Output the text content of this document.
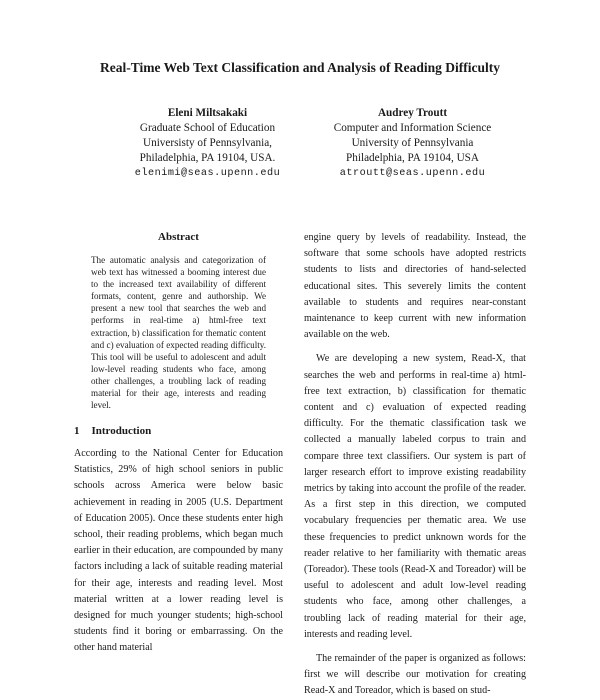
Real-Time Web Text Classification and Analysis of Reading Difficulty
Eleni Miltsakaki
Graduate School of Education
Universisty of Pennsylvania,
Philadelphia, PA 19104, USA.
elenimi@seas.upenn.edu
Audrey Troutt
Computer and Information Science
University of Pennsylvania
Philadelphia, PA 19104, USA
atroutt@seas.upenn.edu
Abstract

The automatic analysis and categorization of web text has witnessed a booming interest due to the increased text availability of different formats, content, genre and authorship. We present a new tool that searches the web and performs in real-time a) html-free text extraction, b) classification for thematic content and c) evaluation of expected reading difficulty. This tool will be useful to adolescent and adult low-level reading students who face, among other challenges, a troubling lack of reading material for their age, interests and reading level.

1 Introduction

According to the National Center for Education Statistics, 29% of high school seniors in public schools across America were below basic achievement in reading in 2005 (U.S. Department of Education 2005). Once these students enter high school, their reading problems, which began much earlier in their education, are compounded by many factors including a lack of suitable reading material for their age, interests and reading level. Most material written at a lower reading level is designed for much younger students; high-school students find it boring or embarrassing. On the other hand material

engine query by levels of readability. Instead, the software that some schools have adopted restricts students to lists and directories of hand-selected educational sites. This severely limits the content available to students and requires near-constant maintenance to keep current with new information available on the web.

We are developing a new system, Read-X, that searches the web and performs in real-time a) html-free text extraction, b) classification for thematic content and c) evaluation of expected reading difficulty. For the thematic classification task we collected a manually labeled corpus to train and compare three text classifiers. Our system is part of larger research effort to improve existing readability metrics by taking into account the profile of the reader. As a first step in this direction, we computed vocabulary frequencies per thematic area. We use these frequencies to predict unknown words for the reader relative to her familiarity with thematic areas (Toreador). These tools (Read-X and Toreador) will be useful to adolescent and adult low-level reading students who face, among other challenges, a troubling lack of reading material for their age, interests and reading level.

The remainder of the paper is organized as follows: first we will describe our motivation for creating Read-X and Toreador, which is based on stud-
